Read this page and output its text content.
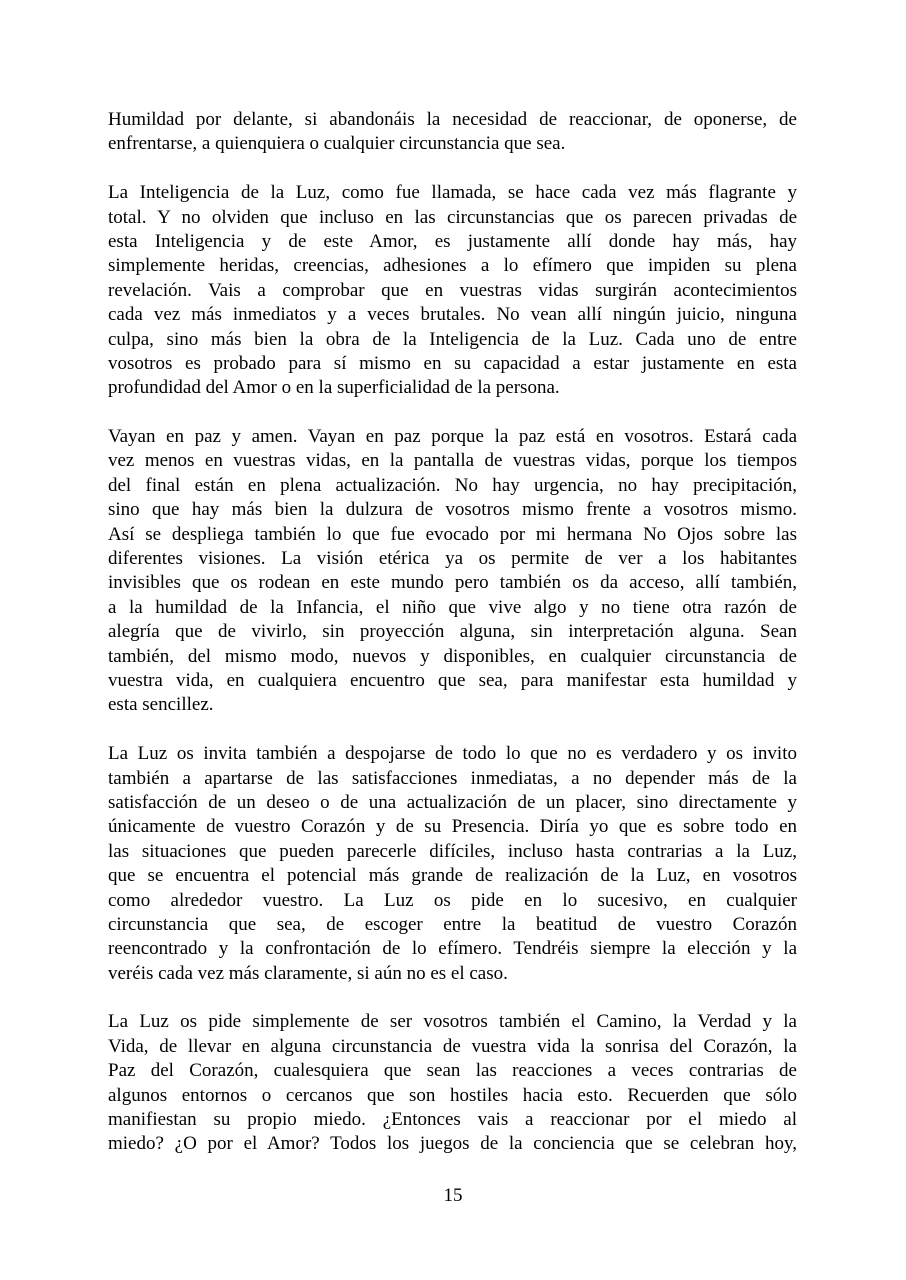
Humildad por delante, si abandonáis la necesidad de reaccionar, de oponerse, de
enfrentarse, a quienquiera o cualquier circunstancia que sea.
La Inteligencia de la Luz, como fue llamada, se hace cada vez más flagrante y
total. Y no olviden que incluso en las circunstancias que os parecen privadas de
esta Inteligencia y de este Amor, es justamente allí donde hay más, hay
simplemente heridas, creencias, adhesiones a lo efímero que impiden su plena
revelación. Vais a comprobar que en vuestras vidas surgirán acontecimientos
cada vez más inmediatos y a veces brutales. No vean allí ningún juicio, ninguna
culpa, sino más bien la obra de la Inteligencia de la Luz. Cada uno de entre
vosotros es probado para sí mismo en su capacidad a estar justamente en esta
profundidad del Amor o en la superficialidad de la persona.
Vayan en paz y amen. Vayan en paz porque la paz está en vosotros. Estará cada
vez menos en vuestras vidas, en la pantalla de vuestras vidas, porque los tiempos
del final están en plena actualización. No hay urgencia, no hay precipitación,
sino que hay más bien la dulzura de vosotros mismo frente a vosotros mismo.
Así se despliega también lo que fue evocado por mi hermana No Ojos sobre las
diferentes visiones. La visión etérica ya os permite de ver a los habitantes
invisibles que os rodean en este mundo pero también os da acceso, allí también,
a la humildad de la Infancia, el niño que vive algo y no tiene otra razón de
alegría que de vivirlo, sin proyección alguna, sin interpretación alguna. Sean
también, del mismo modo, nuevos y disponibles, en cualquier circunstancia de
vuestra vida, en cualquiera encuentro que sea, para manifestar esta humildad y
esta sencillez.
La Luz os invita también a despojarse de todo lo que no es verdadero y os invito
también a apartarse de las satisfacciones inmediatas, a no depender más de la
satisfacción de un deseo o de una actualización de un placer, sino directamente y
únicamente de vuestro Corazón y de su Presencia. Diría yo que es sobre todo en
las situaciones que pueden parecerle difíciles, incluso hasta contrarias a la Luz,
que se encuentra el potencial más grande de realización de la Luz, en vosotros
como alrededor vuestro. La Luz os pide en lo sucesivo, en cualquier
circunstancia que sea, de escoger entre la beatitud de vuestro Corazón
reencontrado y la confrontación de lo efímero. Tendréis siempre la elección y la
veréis cada vez más claramente, si aún no es el caso.
La Luz os pide simplemente de ser vosotros también el Camino, la Verdad y la
Vida, de llevar en alguna circunstancia de vuestra vida la sonrisa del Corazón, la
Paz del Corazón, cualesquiera que sean las reacciones a veces contrarias de
algunos entornos o cercanos que son hostiles hacia esto. Recuerden que sólo
manifiestan su propio miedo. ¿Entonces vais a reaccionar por el miedo al
miedo? ¿O por el Amor? Todos los juegos de la conciencia que se celebran hoy,
15
